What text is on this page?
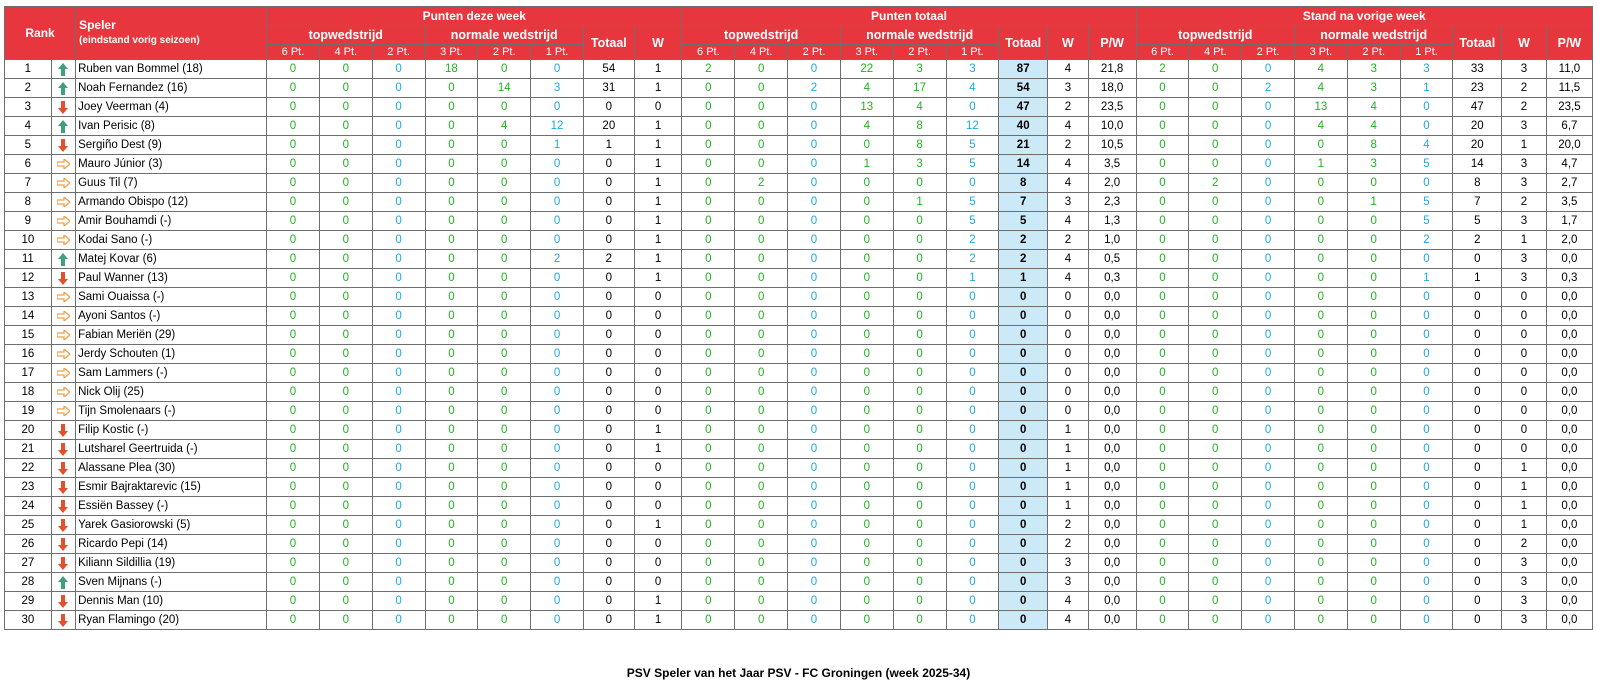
Rank		Speler
(eindstand vorig seizoen)	Punten deze week								Punten totaal									Stand na vorige week								
			topwedstrijd			normale wedstrijd			Totaal	W	topwedstrijd			normale wedstrijd			Totaal	W	P/W	topwedstrijd			normale wedstrijd			Totaal	W	P/W
			6 Pt.	4 Pt.	2 Pt.	3 Pt.	2 Pt.	1 Pt.			6 Pt.	4 Pt.	2 Pt.	3 Pt.	2 Pt.	1 Pt.				6 Pt.	4 Pt.	2 Pt.	3 Pt.	2 Pt.	1 Pt.			
1		Ruben van Bommel (18)	0	0	0	18	0	0	54	1	2	0	0	22	3	3	87	4	21,8	2	0	0	4	3	3	33	3	11,0
2		Noah Fernandez (16)	0	0	0	0	14	3	31	1	0	0	2	4	17	4	54	3	18,0	0	0	2	4	3	1	23	2	11,5
3		Joey Veerman (4)	0	0	0	0	0	0	0	0	0	0	0	13	4	0	47	2	23,5	0	0	0	13	4	0	47	2	23,5
4		Ivan Perisic (8)	0	0	0	0	4	12	20	1	0	0	0	4	8	12	40	4	10,0	0	0	0	4	4	0	20	3	6,7
5		Sergiño Dest (9)	0	0	0	0	0	1	1	1	0	0	0	0	8	5	21	2	10,5	0	0	0	0	8	4	20	1	20,0
6		Mauro Júnior (3)	0	0	0	0	0	0	0	1	0	0	0	1	3	5	14	4	3,5	0	0	0	1	3	5	14	3	4,7
7		Guus Til (7)	0	0	0	0	0	0	0	1	0	2	0	0	0	0	8	4	2,0	0	2	0	0	0	0	8	3	2,7
8		Armando Obispo (12)	0	0	0	0	0	0	0	1	0	0	0	0	1	5	7	3	2,3	0	0	0	0	1	5	7	2	3,5
9		Amir Bouhamdi (-)	0	0	0	0	0	0	0	1	0	0	0	0	0	5	5	4	1,3	0	0	0	0	0	5	5	3	1,7
10		Kodai Sano (-)	0	0	0	0	0	0	0	1	0	0	0	0	0	2	2	2	1,0	0	0	0	0	0	2	2	1	2,0
11		Matej Kovar (6)	0	0	0	0	0	2	2	1	0	0	0	0	0	2	2	4	0,5	0	0	0	0	0	0	0	3	0,0
12		Paul Wanner (13)	0	0	0	0	0	0	0	1	0	0	0	0	0	1	1	4	0,3	0	0	0	0	0	1	1	3	0,3
13		Sami Ouaissa (-)	0	0	0	0	0	0	0	0	0	0	0	0	0	0	0	0	0,0	0	0	0	0	0	0	0	0	0,0
14		Ayoni Santos (-)	0	0	0	0	0	0	0	0	0	0	0	0	0	0	0	0	0,0	0	0	0	0	0	0	0	0	0,0
15		Fabian Meriën (29)	0	0	0	0	0	0	0	0	0	0	0	0	0	0	0	0	0,0	0	0	0	0	0	0	0	0	0,0
16		Jerdy Schouten (1)	0	0	0	0	0	0	0	0	0	0	0	0	0	0	0	0	0,0	0	0	0	0	0	0	0	0	0,0
17		Sam Lammers (-)	0	0	0	0	0	0	0	0	0	0	0	0	0	0	0	0	0,0	0	0	0	0	0	0	0	0	0,0
18		Nick Olij (25)	0	0	0	0	0	0	0	0	0	0	0	0	0	0	0	0	0,0	0	0	0	0	0	0	0	0	0,0
19		Tijn Smolenaars (-)	0	0	0	0	0	0	0	0	0	0	0	0	0	0	0	0	0,0	0	0	0	0	0	0	0	0	0,0
20		Filip Kostic (-)	0	0	0	0	0	0	0	1	0	0	0	0	0	0	0	1	0,0	0	0	0	0	0	0	0	0	0,0
21		Lutsharel Geertruida (-)	0	0	0	0	0	0	0	1	0	0	0	0	0	0	0	1	0,0	0	0	0	0	0	0	0	0	0,0
22		Alassane Plea (30)	0	0	0	0	0	0	0	0	0	0	0	0	0	0	0	1	0,0	0	0	0	0	0	0	0	1	0,0
23		Esmir Bajraktarevic (15)	0	0	0	0	0	0	0	0	0	0	0	0	0	0	0	1	0,0	0	0	0	0	0	0	0	1	0,0
24		Essiën Bassey (-)	0	0	0	0	0	0	0	0	0	0	0	0	0	0	0	1	0,0	0	0	0	0	0	0	0	1	0,0
25		Yarek Gasiorowski (5)	0	0	0	0	0	0	0	1	0	0	0	0	0	0	0	2	0,0	0	0	0	0	0	0	0	1	0,0
26		Ricardo Pepi (14)	0	0	0	0	0	0	0	0	0	0	0	0	0	0	0	2	0,0	0	0	0	0	0	0	0	2	0,0
27		Kiliann Sildillia (19)	0	0	0	0	0	0	0	0	0	0	0	0	0	0	0	3	0,0	0	0	0	0	0	0	0	3	0,0
28		Sven Mijnans (-)	0	0	0	0	0	0	0	0	0	0	0	0	0	0	0	3	0,0	0	0	0	0	0	0	0	3	0,0
29		Dennis Man (10)	0	0	0	0	0	0	0	1	0	0	0	0	0	0	0	4	0,0	0	0	0	0	0	0	0	3	0,0
30		Ryan Flamingo (20)	0	0	0	0	0	0	0	1	0	0	0	0	0	0	0	4	0,0	0	0	0	0	0	0	0	3	0,0
PSV Speler van het Jaar PSV - FC Groningen (week 2025-34)
